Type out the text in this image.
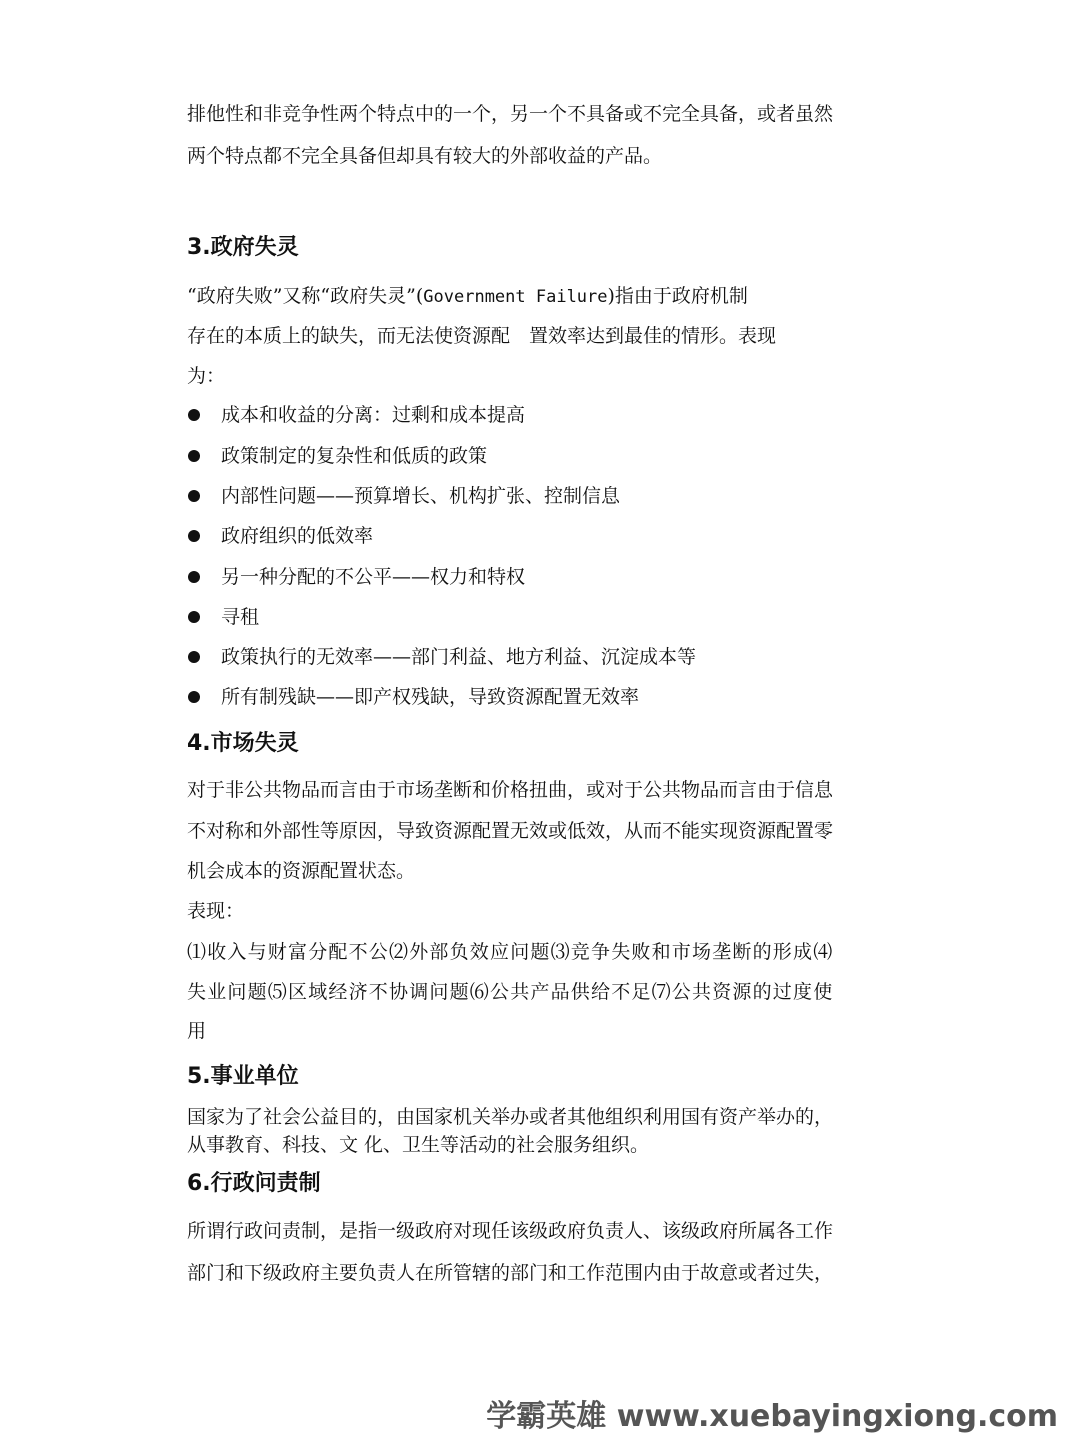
排他性和非竞争性两个特点中的一个，另一个不具备或不完全具备，或者虽然
两个特点都不完全具备但却具有较大的外部收益的产品。
3.政府失灵
“政府失败”又称“政府失灵”(Government Failure)指由于政府机制
存在的本质上的缺失，而无法使资源配　置效率达到最佳的情形。表现
为：
成本和收益的分离：过剩和成本提高
政策制定的复杂性和低质的政策
内部性问题——预算增长、机构扩张、控制信息
政府组织的低效率
另一种分配的不公平——权力和特权
寻租
政策执行的无效率——部门利益、地方利益、沉淀成本等
所有制残缺——即产权残缺，导致资源配置无效率
4.市场失灵
对于非公共物品而言由于市场垄断和价格扭曲，或对于公共物品而言由于信息
不对称和外部性等原因，导致资源配置无效或低效，从而不能实现资源配置零
机会成本的资源配置状态。
表现：
⑴收入与财富分配不公⑵外部负效应问题⑶竞争失败和市场垄断的形成⑷
失业问题⑸区域经济不协调问题⑹公共产品供给不足⑺公共资源的过度使
用
5.事业单位
国家为了社会公益目的，由国家机关举办或者其他组织利用国有资产举办的，
从事教育、科技、文 化、卫生等活动的社会服务组织。
6.行政问责制
所谓行政问责制，是指一级政府对现任该级政府负责人、该级政府所属各工作
部门和下级政府主要负责人在所管辖的部门和工作范围内由于故意或者过失，
学霸英雄 www.xuebayingxiong.com
